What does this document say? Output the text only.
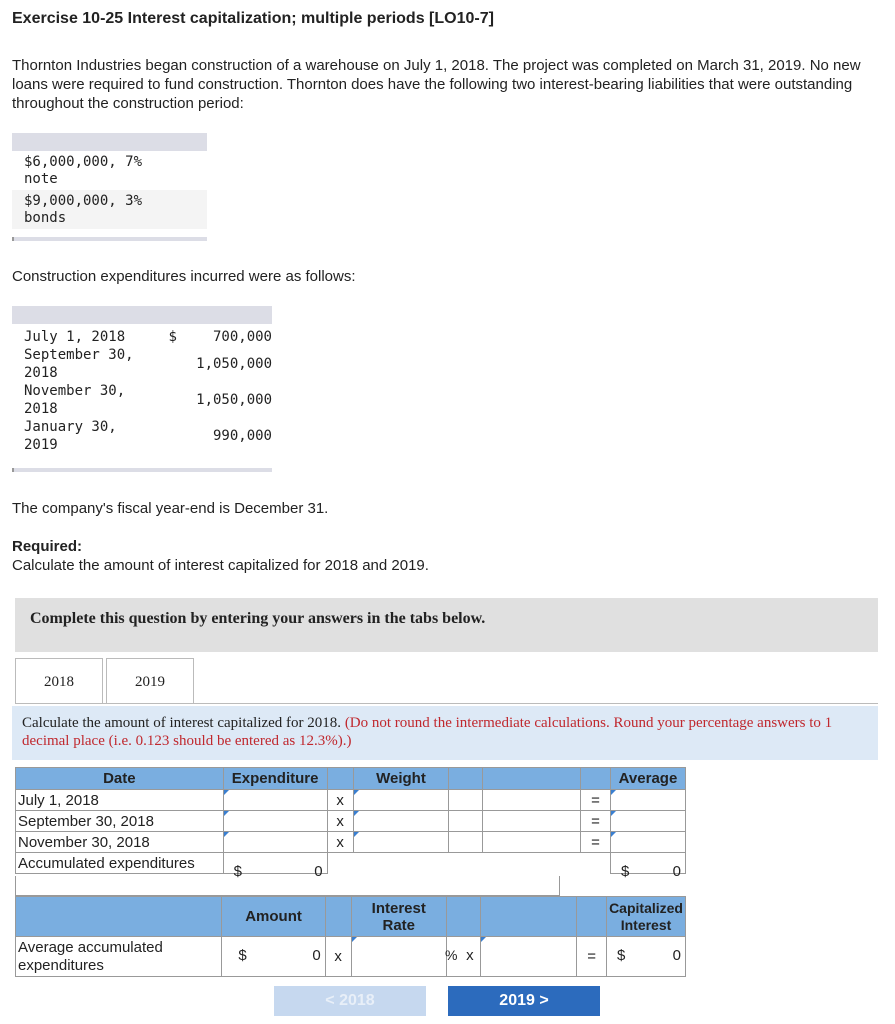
Exercise 10-25 Interest capitalization; multiple periods [LO10-7]
Thornton Industries began construction of a warehouse on July 1, 2018. The project was completed on March 31, 2019. No new loans were required to fund construction. Thornton does have the following two interest-bearing liabilities that were outstanding throughout the construction period:
$6,000,000, 7%
note
$9,000,000, 3%
bonds
Construction expenditures incurred were as follows:
July 1, 2018	$	700,000

September 30,
2018		1,050,000

November 30,
2018		1,050,000

January 30,
2019		990,000
The company's fiscal year-end is December 31.
Required:
Calculate the amount of interest capitalized for 2018 and 2019.
Complete this question by entering your answers in the tabs below.
2018	2019
Calculate the amount of interest capitalized for 2018. (Do not round the intermediate calculations. Round your percentage answers to 1 decimal place (i.e. 0.123 should be entered as 12.3%).)
Date	Expenditure		Weight				Average
July 1, 2018		x				=	
September 30, 2018		x				=	
November 30, 2018		x				=	
Accumulated expenditures	$ 0						$ 0
	Amount		Interest Rate				Capitalized Interest
Average accumulated expenditures	$ 0	x		% x		=	$ 0
< 2018	2019 >
